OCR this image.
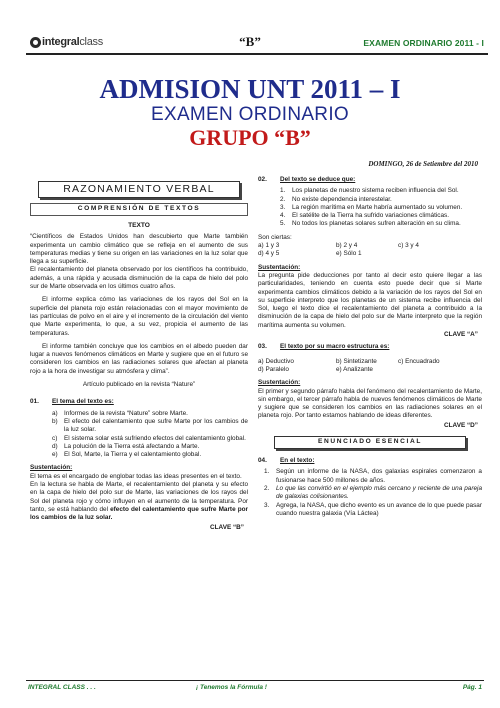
integralclass	“B”	EXAMEN ORDINARIO 2011 - I
ADMISION UNT 2011 – I
EXAMEN ORDINARIO
GRUPO “B”
DOMINGO, 26 de Setiembre del 2010
RAZONAMIENTO VERBAL
COMPRENSIÓN DE TEXTOS
TEXTO

“Científicos de Estados Unidos han descubierto que Marte también experimenta un cambio climático que se refleja en el aumento de sus temperaturas medias y tiene su origen en las variaciones en la luz solar que llega a su superficie.

El recalentamiento del planeta observado por los científicos ha contribuido, además, a una rápida y acusada disminución de la capa de hielo del polo sur de Marte observada en los últimos cuatro años.

El informe explica cómo las variaciones de los rayos del Sol en la superficie del planeta rojo están relacionadas con el mayor movimiento de las partículas de polvo en el aire y el incremento de la circulación del viento que Marte experimenta, lo que, a su vez, propicia el aumento de las temperaturas.

El informe también concluye que los cambios en el albedo pueden dar lugar a nuevos fenómenos climáticos en Marte y sugiere que en el futuro se consideren los cambios en las radiaciones solares que afectan al planeta rojo a la hora de investigar su atmósfera y clima”.

Artículo publicado en la revista “Nature”

01.	El tema del texto es:
a) Informes de la revista “Nature” sobre Marte.
b) El efecto del calentamiento que sufre Marte por los cambios de la luz solar.
c)	El sistema solar está sufriendo efectos del calentamiento global.
d) La polución de la Tierra está afectando a Marte.
e) El Sol, Marte, la Tierra y el calentamiento global.

Sustentación:

El tema es el encargado de englobar todas las ideas presentes en el texto.

En la lectura se habla de Marte, el recalentamiento del planeta y su efecto en la capa de hielo del polo sur de Marte, las variaciones de los rayos del Sol del planeta rojo y cómo influyen en el aumento de la temperatura. Por tanto, se está hablando del efecto del calentamiento que sufre Marte por los cambios de la luz solar.

CLAVE “B”

02.	Del texto se deduce que:
1.	Los planetas de nuestro sistema reciben influencia del Sol.
2.	No existe dependencia interestelar.
3.	La región marítima en Marte habría aumentado su volumen.
4.	El satélite de la Tierra ha sufrido variaciones climáticas.
5.	No todos los planetas solares sufren alteración en su clima.

Son ciertas:

a) 1 y 3	b) 2 y 4	c) 3 y 4
d) 4 y 5	e) Sólo 1

Sustentación:

La pregunta pide deducciones por tanto al decir esto quiere llegar a las particularidades, teniendo en cuenta esto puede decir que si Marte experimenta cambios climáticos debido a la variación de los rayos del Sol en su superficie interpreto que los planetas de un sistema recibe influencia del Sol, luego el texto dice el recalentamiento del planeta a contribuido a la disminución de la capa de hielo del polo sur de Marte interpreto que la región marítima aumenta su volumen.

CLAVE “A”

03.	El texto por su macro estructura es:
a) Deductivo	b) Sintetizante	c) Encuadrado
d) Paralelo	e) Analizante

Sustentación:

El primer y segundo párrafo habla del fenómeno del recalentamiento de Marte, sin embargo, el tercer párrafo habla de nuevos fenómenos climáticos de Marte y sugiere que se consideren los cambios en las radiaciones solares en el planeta rojo. Por tanto estamos hablando de ideas diferentes.

CLAVE “D”

ENUNCIADO ESENCIAL
04.	En el texto:
1.	Según un informe de la NASA, dos galaxias espirales comenzaron a fusionarse hace 500 millones de años.
2.	Lo que las convirtió en el ejemplo más cercano y reciente de una pareja de galaxias colisionantes.
3.	Agrega, la NASA, que dicho evento es un avance de lo que puede pasar cuando nuestra galaxia (Vía Láctea)
INTEGRAL CLASS . . .	¡ Tenemos la Fórmula !	Pág. 1
